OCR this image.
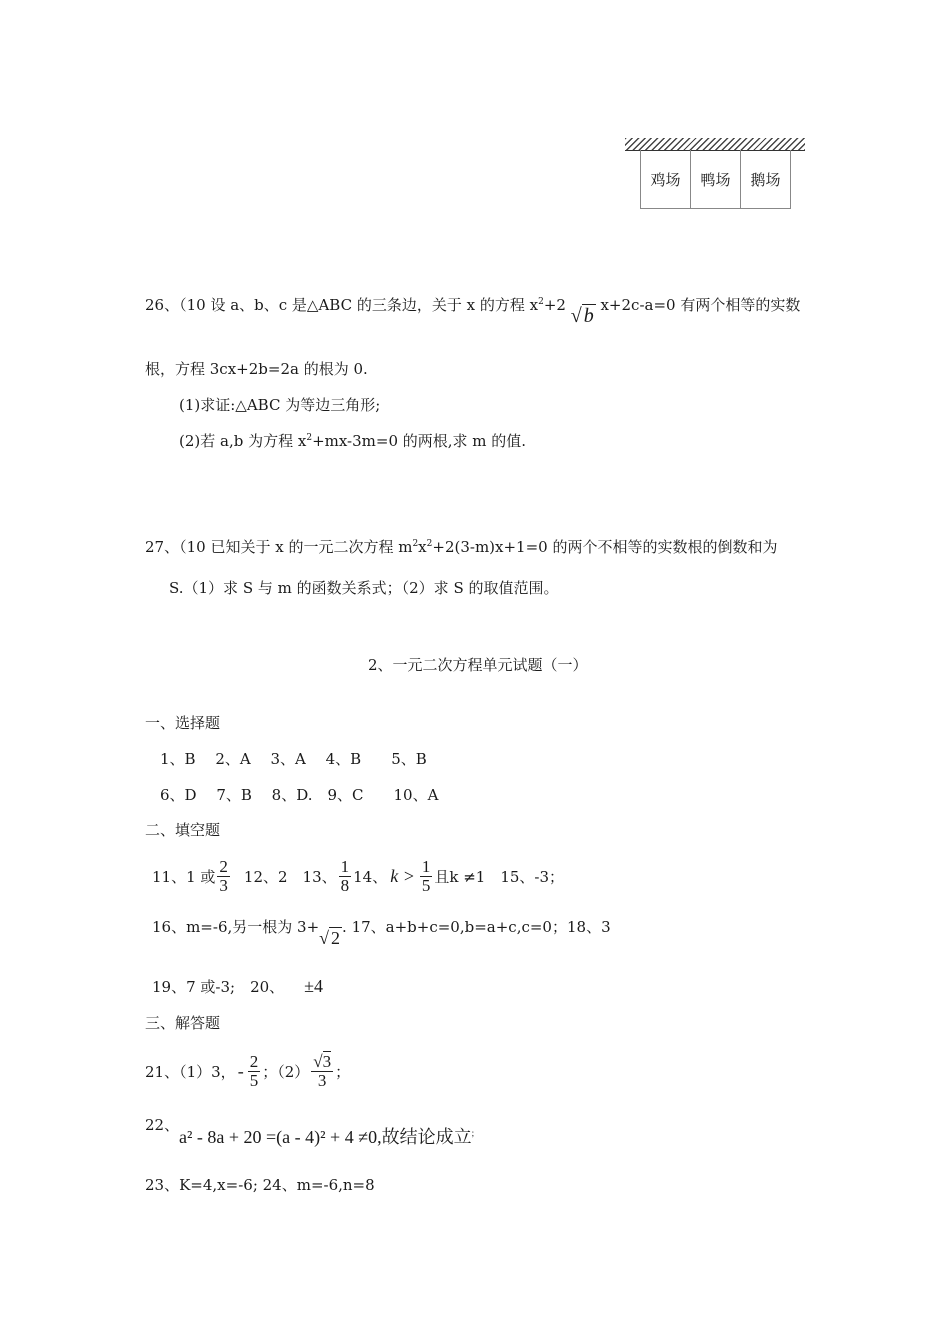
鸡场 鸭场 鹅场
26、（10 设 a、b、c 是△ABC 的三条边，关于 x 的方程 $x^2+2$ √ b x+2c-a=0 有两个相等的实数
根，方程 3cx+2b=2a 的根为 0.
(1)求证:△ABC 为等边三角形;
(2)若 a,b 为方程 $x^2+mx-3m=0$ 的两根,求 m 的值.
27、（10 已知关于 x 的一元二次方程 $m^2x^2+2(3-m)x+1=0$ 的两个不相等的实数根的倒数和为
S.（1）求 S 与 m 的函数关系式；（2）求 S 的取值范围。
2、一元二次方程单元试题（一）
一、选择题
1、B　 2、A　 3、A　 4、B　　5、B
6、D　 7、B　 8、D.　9、C　　10、A
二、填空题
11、1 或 $\frac{2}{3} 12$、2　13、 $\frac{1}{8} 14$、 $k > \frac{1}{5}$ 且k ≠1　15、-3；
16、m=-6,另一根为 3+√ 2. 17、a+b+c=0,b=a+c,c=0；18、3
19、7 或-3;　20、 ±4
三、解答题
21、（1）3， - $\frac{2}{5}$ ；$(2) \frac{√3}{3}$ ；
22、
a² - 8a + 20 =(a - 4)² + 4 ≠0,故结论成立;
23、K=4,x=-6; 24、m=-6,n=8
